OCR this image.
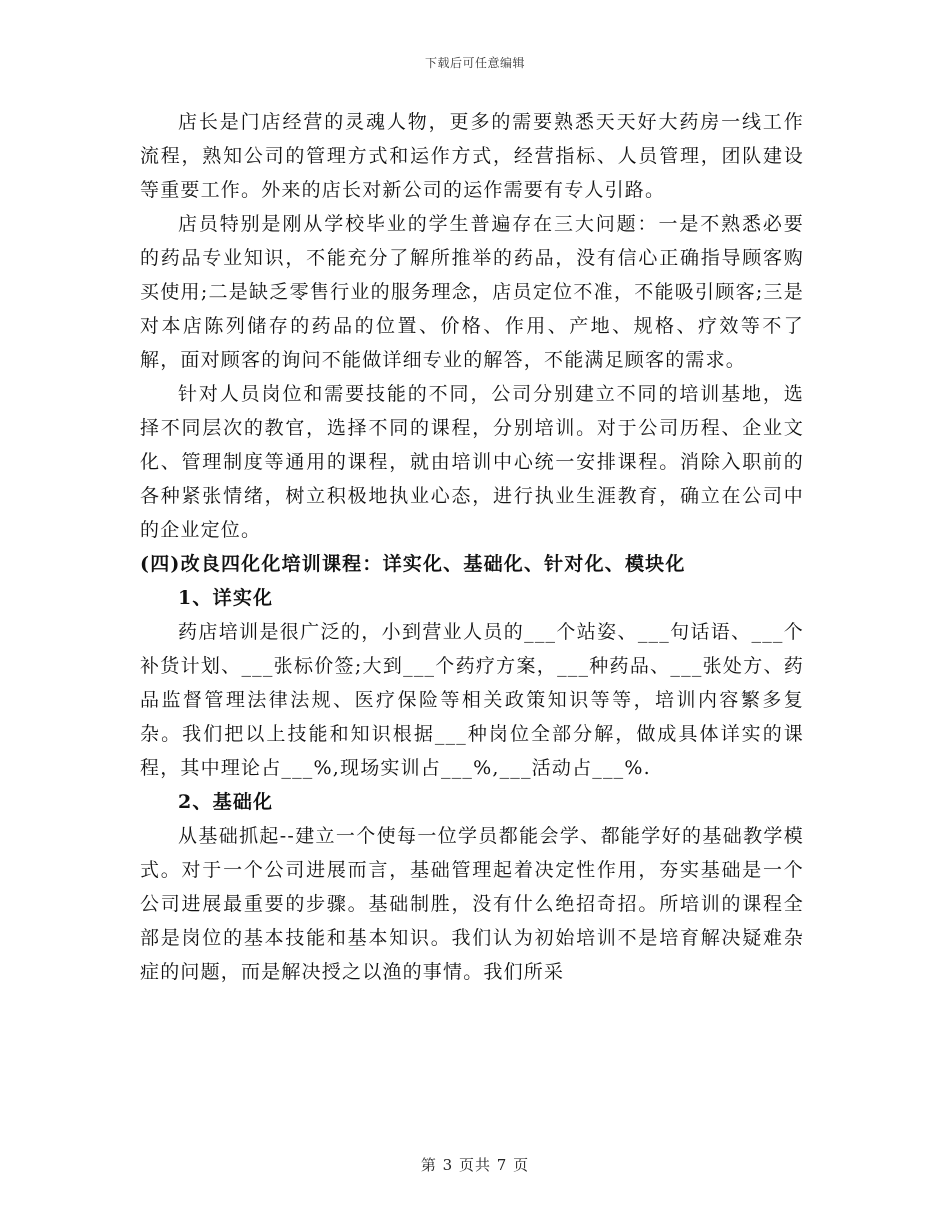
下载后可任意编辑

店长是门店经营的灵魂人物，更多的需要熟悉天天好大药房一线工作流程，熟知公司的管理方式和运作方式，经营指标、人员管理，团队建设等重要工作。外来的店长对新公司的运作需要有专人引路。

店员特别是刚从学校毕业的学生普遍存在三大问题：一是不熟悉必要的药品专业知识，不能充分了解所推举的药品，没有信心正确指导顾客购买使用;二是缺乏零售行业的服务理念，店员定位不准，不能吸引顾客;三是对本店陈列储存的药品的位置、价格、作用、产地、规格、疗效等不了解，面对顾客的询问不能做详细专业的解答，不能满足顾客的需求。

针对人员岗位和需要技能的不同，公司分别建立不同的培训基地，选择不同层次的教官，选择不同的课程，分别培训。对于公司历程、企业文化、管理制度等通用的课程，就由培训中心统一安排课程。消除入职前的各种紧张情绪，树立积极地执业心态，进行执业生涯教育，确立在公司中的企业定位。

(四)改良四化化培训课程：详实化、基础化、针对化、模块化

1、详实化

药店培训是很广泛的，小到营业人员的___个站姿、___句话语、___个补货计划、___张标价签;大到___个药疗方案，___种药品、___张处方、药品监督管理法律法规、医疗保险等相关政策知识等等，培训内容繁多复杂。我们把以上技能和知识根据___种岗位全部分解，做成具体详实的课程，其中理论占___%,现场实训占___%,___活动占___%.

2、基础化

从基础抓起--建立一个使每一位学员都能会学、都能学好的基础教学模式。对于一个公司进展而言，基础管理起着决定性作用，夯实基础是一个公司进展最重要的步骤。基础制胜，没有什么绝招奇招。所培训的课程全部是岗位的基本技能和基本知识。我们认为初始培训不是培育解决疑难杂症的问题，而是解决授之以渔的事情。我们所采

第 3 页共 7 页
